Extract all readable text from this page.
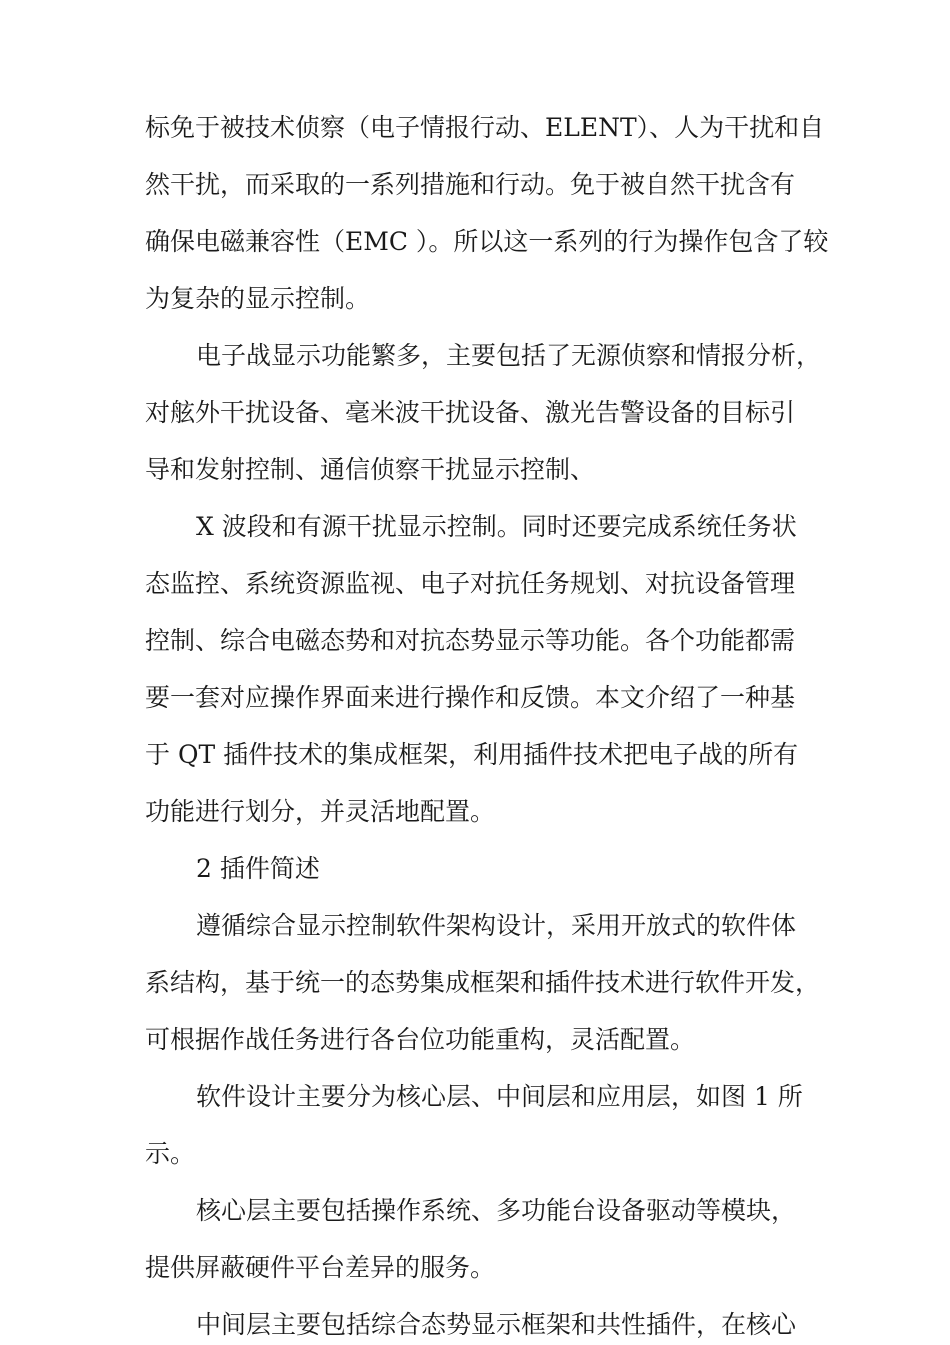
标免于被技术侦察（电子情报行动、ELENT）、人为干扰和自
然干扰，而采取的一系列措施和行动。免于被自然干扰含有
确保电磁兼容性（EMC ）。所以这一系列的行为操作包含了较
为复杂的显示控制。
电子战显示功能繁多，主要包括了无源侦察和情报分析，
对舷外干扰设备、毫米波干扰设备、激光告警设备的目标引
导和发射控制、通信侦察干扰显示控制、
X 波段和有源干扰显示控制。同时还要完成系统任务状
态监控、系统资源监视、电子对抗任务规划、对抗设备管理
控制、综合电磁态势和对抗态势显示等功能。各个功能都需
要一套对应操作界面来进行操作和反馈。本文介绍了一种基
于 QT 插件技术的集成框架，利用插件技术把电子战的所有
功能进行划分，并灵活地配置。
2 插件简述
遵循综合显示控制软件架构设计，采用开放式的软件体
系结构，基于统一的态势集成框架和插件技术进行软件开发，
可根据作战任务进行各台位功能重构，灵活配置。
软件设计主要分为核心层、中间层和应用层，如图 1 所
示。
核心层主要包括操作系统、多功能台设备驱动等模块，
提供屏蔽硬件平台差异的服务。
中间层主要包括综合态势显示框架和共性插件，在核心
